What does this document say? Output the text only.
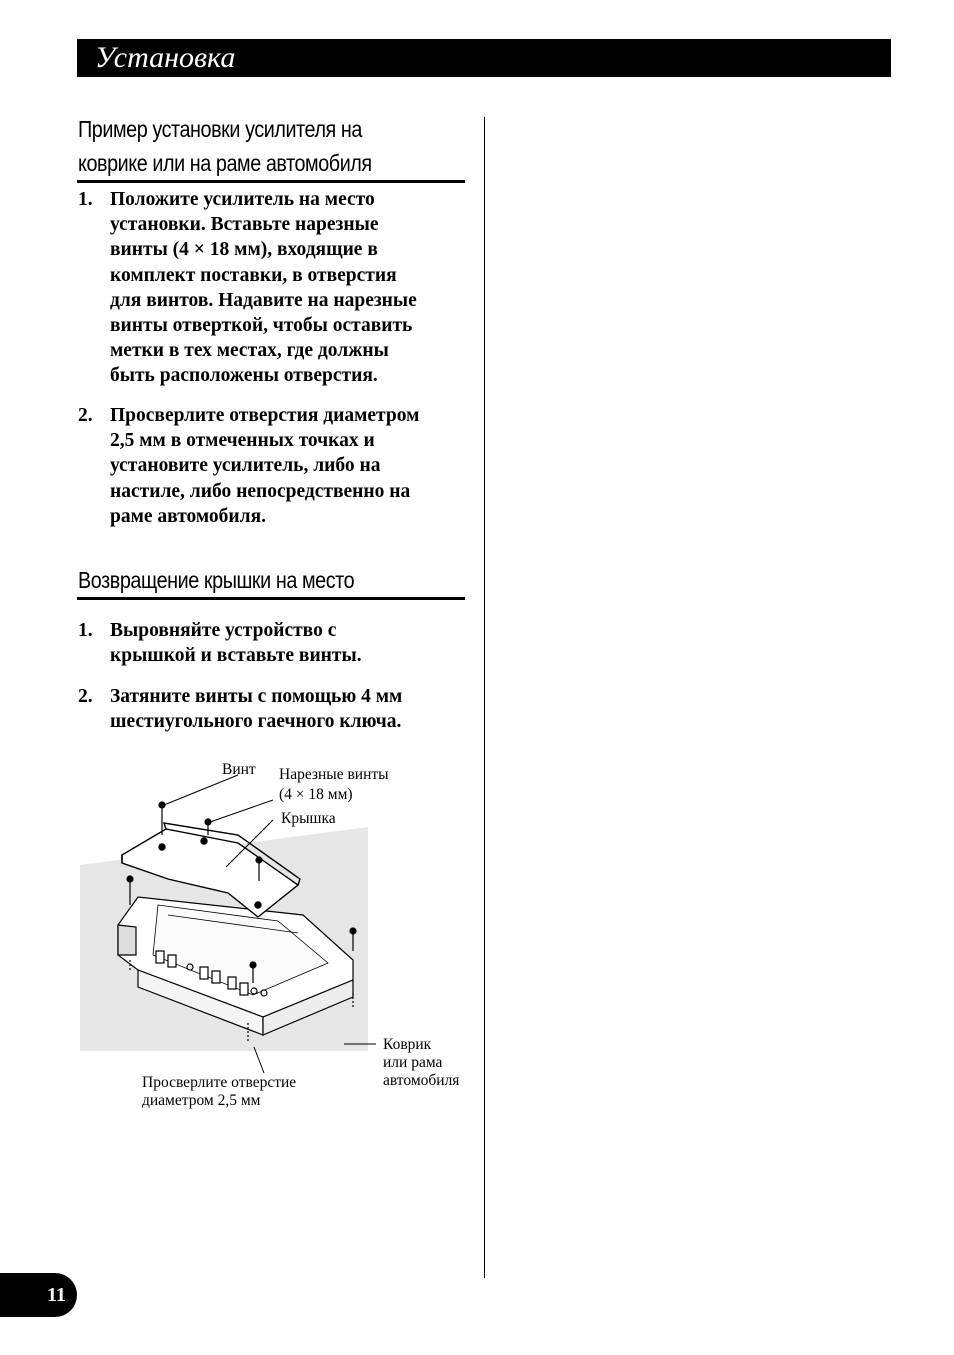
Установка
Пример установки усилителя на
коврике или на раме автомобиля
1. Положите усилитель на место
установки. Вставьте нарезные
винты (4 × 18 мм), входящие в
комплект поставки, в отверстия
для винтов. Надавите на нарезные
винты отверткой, чтобы оставить
метки в тех местах, где должны
быть расположены отверстия.
2. Просверлите отверстия диаметром
2,5 мм в отмеченных точках и
установите усилитель, либо на
настиле, либо непосредственно на
раме автомобиля.
Возвращение крышки на место
1. Выровняйте устройство с
крышкой и вставьте винты.
2. Затяните винты с помощью 4 мм
шестиугольного гаечного ключа.
Винт Нарезные винты
(4 × 18 мм)
Крышка
Коврик
или рама
автомобиля
Просверлите отверстие
диаметром 2,5 мм
11
